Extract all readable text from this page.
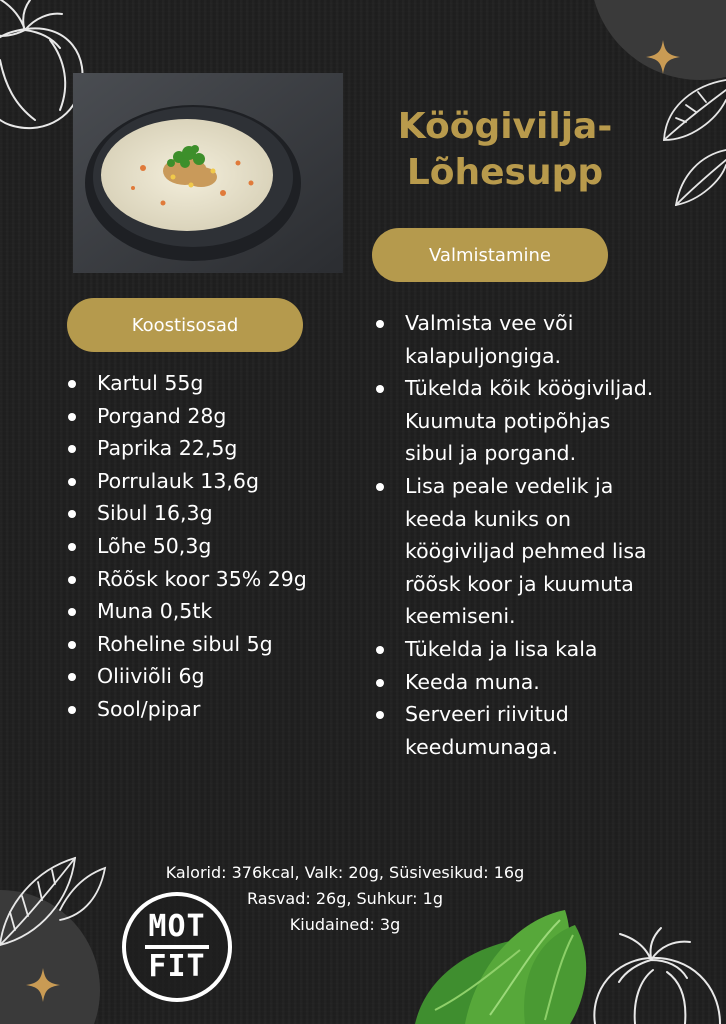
Köögivilja-
Lõhesupp
Valmistamine
Koostisosad
Kartul 55g
Porgand 28g
Paprika 22,5g
Porrulauk 13,6g
Sibul 16,3g
Lõhe 50,3g
Rõõsk koor 35% 29g
Muna 0,5tk
Roheline sibul 5g
Oliiviõli 6g
Sool/pipar
Valmista vee või kalapuljongiga.
Tükelda kõik köögiviljad. Kuumuta potipõhjas sibul ja porgand.
Lisa peale vedelik ja keeda kuniks on köögiviljad pehmed lisa rõõsk koor ja kuumuta keemiseni.
Tükelda ja lisa kala
Keeda muna.
Serveeri riivitud keedumunaga.
Kalorid: 376kcal, Valk: 20g, Süsivesikud: 16g
Rasvad: 26g, Suhkur: 1g
Kiudained: 3g
MOT
FIT
